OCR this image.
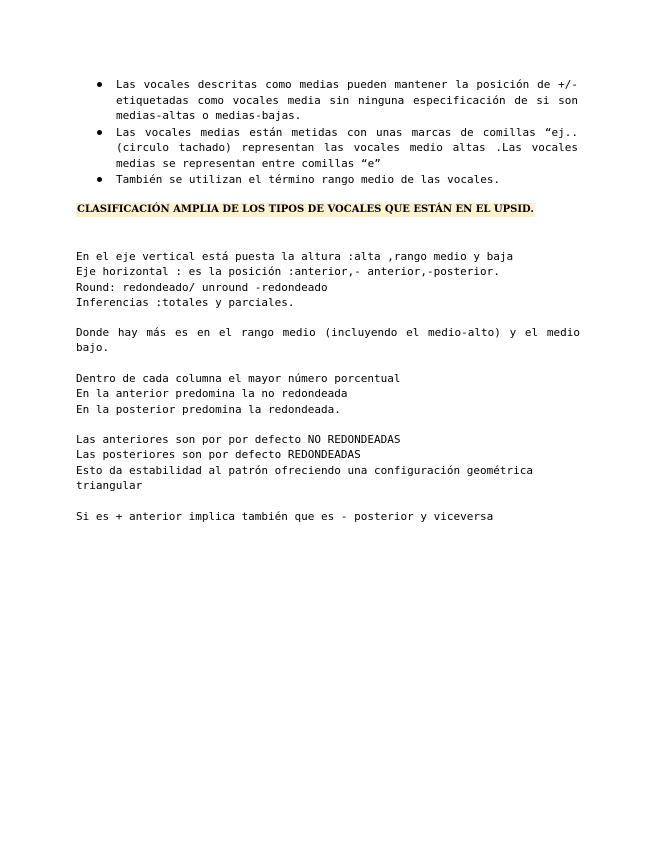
Las vocales descritas como medias pueden mantener la posición de +/- etiquetadas como vocales media sin ninguna especificación de si son medias-altas o medias-bajas.
Las vocales medias están metidas con unas marcas de comillas “ej.. (circulo tachado) representan las vocales medio altas .Las vocales medias se representan entre comillas “e”
También se utilizan el término rango medio de las vocales.
CLASIFICACIÓN AMPLIA DE LOS TIPOS DE VOCALES QUE ESTÁN EN EL UPSID.
En el eje vertical está puesta la altura :alta ,rango medio y baja
Eje horizontal : es la posición :anterior,- anterior,-posterior.
Round: redondeado/ unround -redondeado
Inferencias :totales y parciales.

Donde hay más es en el rango medio (incluyendo el medio-alto) y el medio bajo.

Dentro de cada columna el mayor número porcentual
En la anterior predomina la no redondeada
En la posterior predomina la redondeada.
Las anteriores son por por defecto NO REDONDEADAS
Las posteriores son por defecto REDONDEADAS
Esto da estabilidad al patrón ofreciendo una configuración geométrica
triangular
Si es + anterior implica también que es - posterior y viceversa
